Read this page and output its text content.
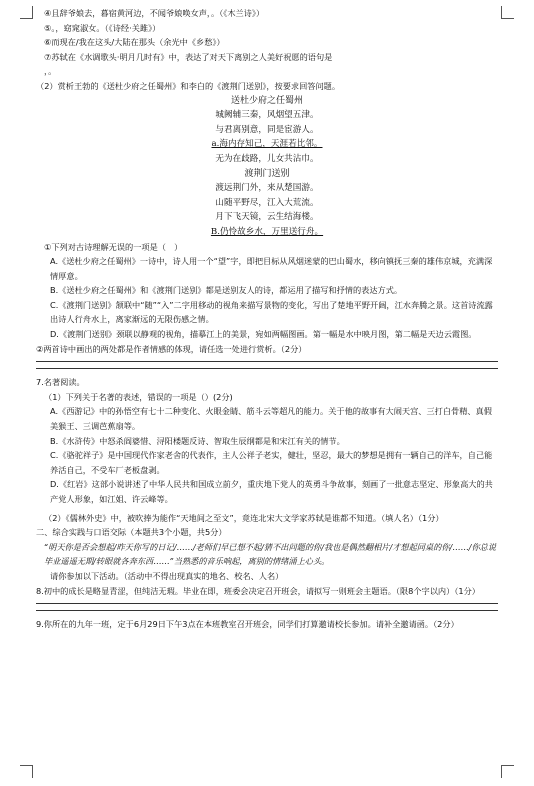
④且辞爷娘去，暮宿黄河边，不闻爷娘唤女声，。（《木兰诗》）
⑤。，窈窕淑女。（《诗经·关雎》）
⑥而现在/我在这头/大陆在那头（余光中《乡愁》）
⑦苏轼在《水调歌头·明月几时有》中，表达了对天下离别之人美好祝愿的语句是
，。
（2）赏析王勃的《送杜少府之任蜀州》和李白的《渡荆门送别》，按要求回答问题。
送杜少府之任蜀州
城阙辅三秦，风烟望五津。
与君离别意，同是宦游人。
a.海内存知己，天涯若比邻。
无为在歧路，儿女共沾巾。
渡荆门送别
渡远荆门外，来从楚国游。
山随平野尽，江入大荒流。
月下飞天镜，云生结海楼。
B.仍怜故乡水，万里送行舟。
①下列对古诗理解无误的一项是（　）
A.《送杜少府之任蜀州》一诗中，诗人用一个“望”字，即把目标从风烟迷蒙的巴山蜀水，移向镇抚三秦的雄伟京城，充满深情厚意。
B.《送杜少府之任蜀州》和《渡荆门送别》都是送别友人的诗，都运用了描写和抒情的表达方式。
C.《渡荆门送别》颔联中“随”“入”二字用移动的视角来描写景物的变化，写出了楚地平野开阔，江水奔腾之景。这首诗流露出诗人行舟水上，离家渐远的无限伤感之情。
D.《渡荆门送别》颈联以静观的视角，描摹江上的美景，宛如两幅图画。第一幅是水中映月图，第二幅是天边云霞图。
②两首诗中画出的两处都是作者情感的体现，请任选一处进行赏析。（2分）
7.名著阅读。
（1）下列关于名著的表述，错误的一项是（）(2分)
A.《西游记》中的孙悟空有七十二种变化、火眼金睛、筋斗云等超凡的能力。关于他的故事有大闹天宫、三打白骨精、真假美猴王、三调芭蕉扇等。
B.《水浒传》中怒杀阎婆惜、浔阳楼题反诗、智取生辰纲都是和宋江有关的情节。
C.《骆驼祥子》是中国现代作家老舍的代表作，主人公祥子老实，健壮，坚忍，最大的梦想是拥有一辆自己的洋车，自己能养活自己，不受车厂老板盘剥。
D.《红岩》这部小说讲述了中华人民共和国成立前夕，重庆地下党人的英勇斗争故事，刻画了一批意志坚定、形象高大的共产党人形象，如江姐、许云峰等。
（2）《儒林外史》中，被吹捧为能作“天地间之至文”，竟连北宋大文学家苏轼是谁都不知道。（填人名）（1分）
二、综合实践与口语交际（本题共3个小题，共5分）
“明天你是否会想起/昨天你写的日记/……/老师们早已想不起/猜不出问题的你/我也是偶然翻相片/才想起同桌的你/……/你总说毕业遥遥无期/转眼就各奔东西……”当熟悉的音乐响起，离别的情绪涌上心头。
请你参加以下活动。（活动中不得出现真实的地名、校名、人名）
8.初中的成长是略显青涩，但纯洁无瑕。毕业在即，班委会决定召开班会，请拟写一则班会主题语。（限8个字以内）（1分）
9.你所在的九年一班，定于6月29日下午3点在本班教室召开班会，同学们打算邀请校长参加。请补全邀请函。（2分）
